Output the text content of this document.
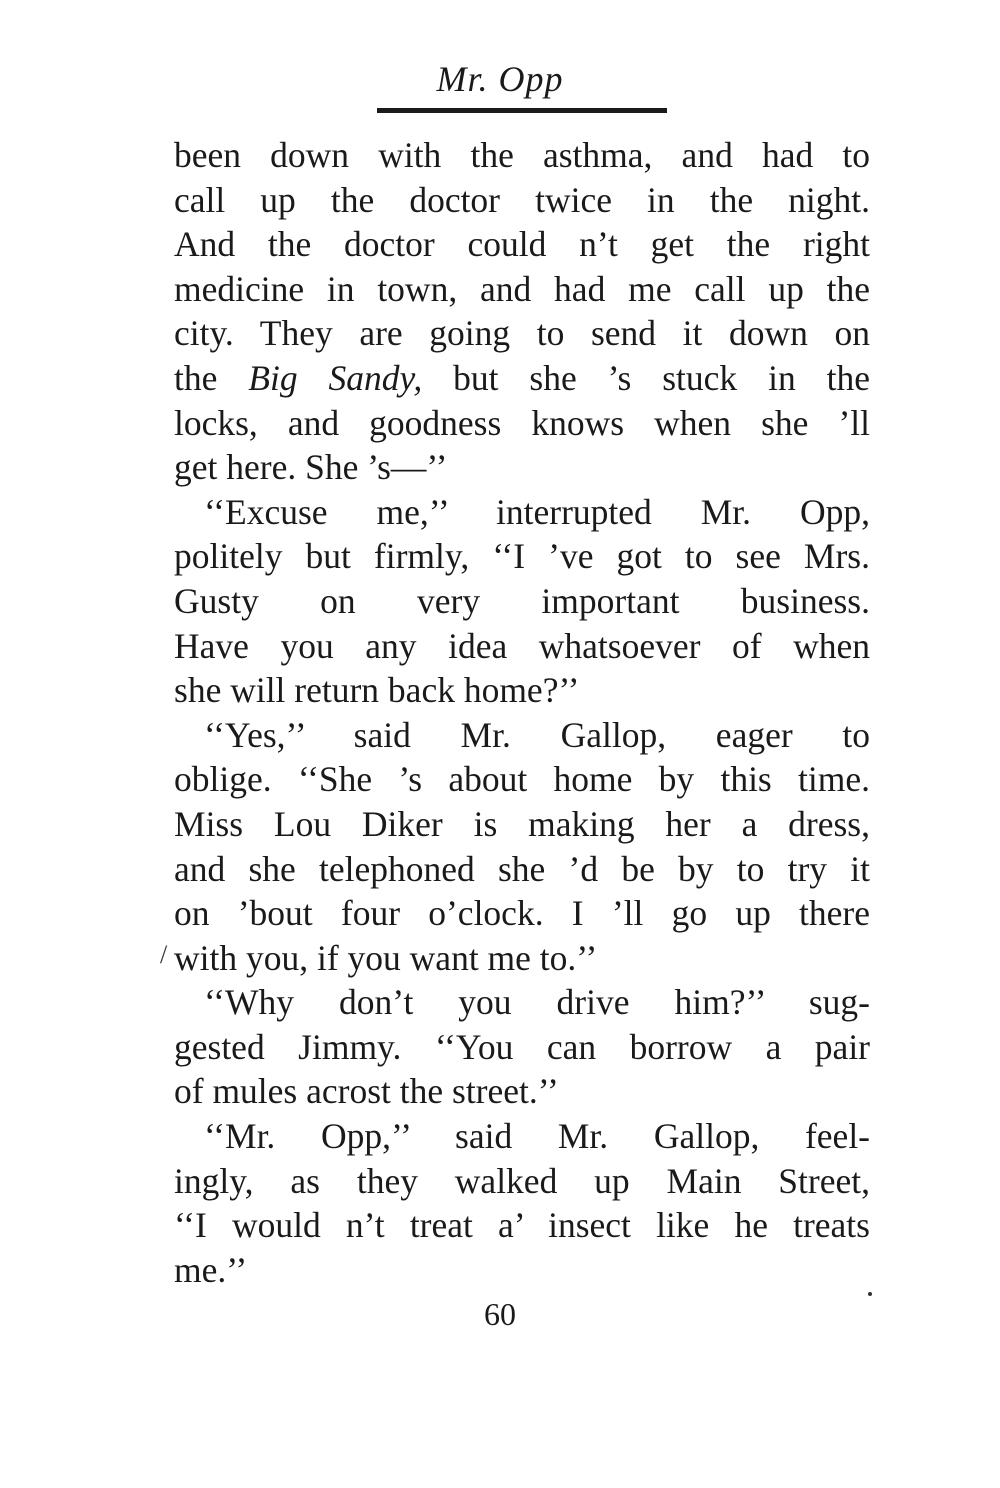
Mr. Opp

been down with the asthma, and had to
call up the doctor twice in the night.
And the doctor could n’t get the right
medicine in town, and had me call up the
city. They are going to send it down on
the Big Sandy, but she ’s stuck in the
locks, and goodness knows when she ’ll
get here. She ’s—’’

‘‘Excuse me,’’ interrupted Mr. Opp,
politely but firmly, ‘‘I ’ve got to see Mrs.
Gusty on very important business.
Have you any idea whatsoever of when
she will return back home?’’

‘‘Yes,’’ said Mr. Gallop, eager to
oblige. ‘‘She ’s about home by this time.
Miss Lou Diker is making her a dress,
and she telephoned she ’d be by to try it
on ’bout four o’clock. I ’ll go up there
with you, if you want me to.’’

‘‘Why don’t you drive him?’’ sug-
gested Jimmy. ‘‘You can borrow a pair
of mules acrost the street.’’

‘‘Mr. Opp,’’ said Mr. Gallop, feel-
ingly, as they walked up Main Street,
‘‘I would n’t treat a’ insect like he treats
me.’’

/
60
